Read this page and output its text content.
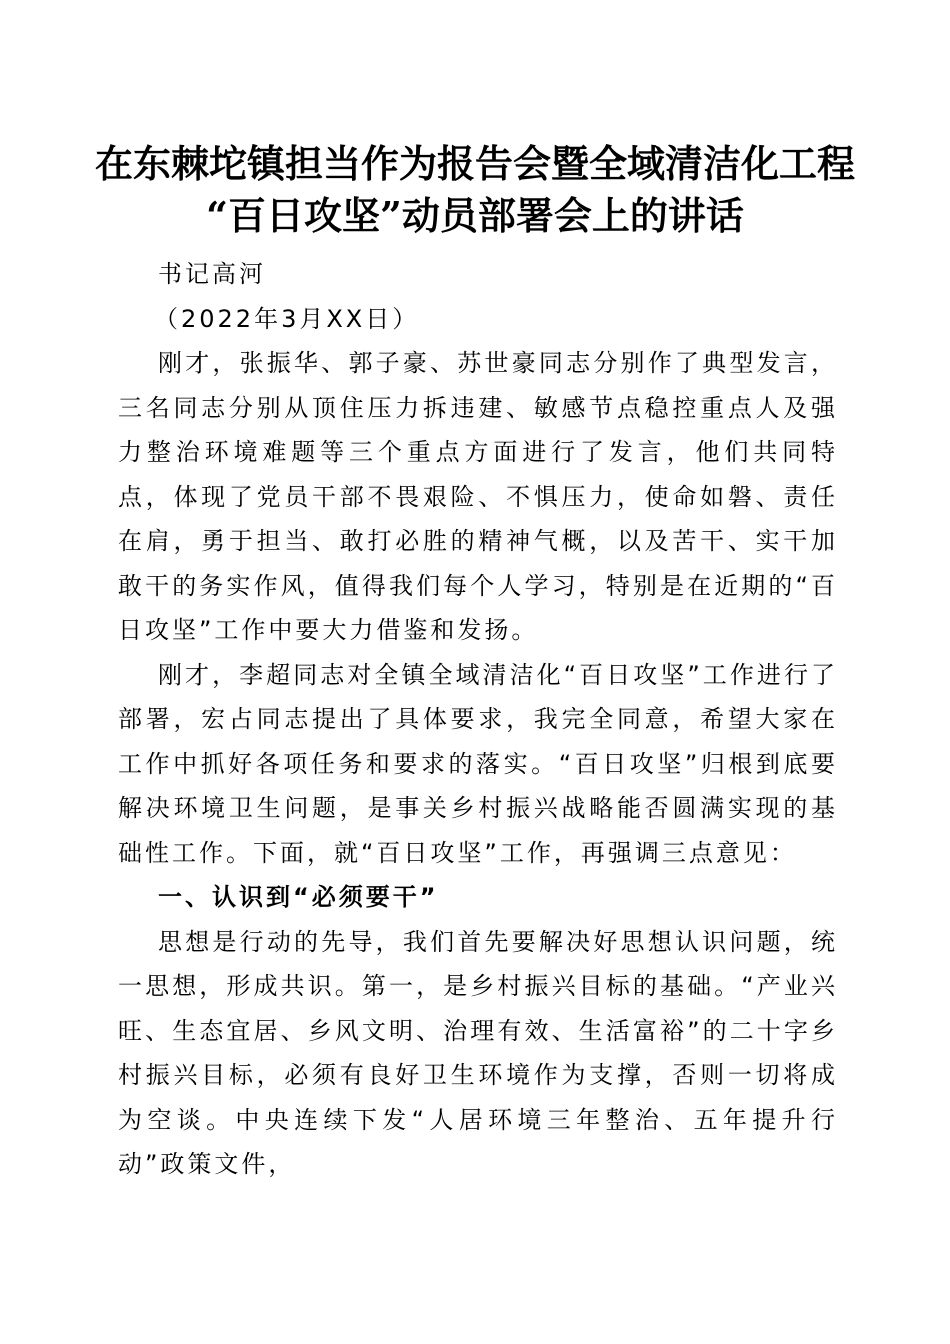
在东棘坨镇担当作为报告会暨全域清洁化工程
“百日攻坚”动员部署会上的讲话

书记高河

（2022年3月XX日）

刚才，张振华、郭子豪、苏世豪同志分别作了典型发言，三名同志分别从顶住压力拆违建、敏感节点稳控重点人及强力整治环境难题等三个重点方面进行了发言，他们共同特点，体现了党员干部不畏艰险、不惧压力，使命如磐、责任在肩，勇于担当、敢打必胜的精神气概，以及苦干、实干加敢干的务实作风，值得我们每个人学习，特别是在近期的“百日攻坚”工作中要大力借鉴和发扬。

刚才，李超同志对全镇全域清洁化“百日攻坚”工作进行了部署，宏占同志提出了具体要求，我完全同意，希望大家在工作中抓好各项任务和要求的落实。“百日攻坚”归根到底要解决环境卫生问题，是事关乡村振兴战略能否圆满实现的基础性工作。下面，就“百日攻坚”工作，再强调三点意见：

一、认识到“必须要干”

思想是行动的先导，我们首先要解决好思想认识问题，统一思想，形成共识。第一，是乡村振兴目标的基础。“产业兴旺、生态宜居、乡风文明、治理有效、生活富裕”的二十字乡村振兴目标，必须有良好卫生环境作为支撑，否则一切将成为空谈。中央连续下发“人居环境三年整治、五年提升行动”政策文件，
